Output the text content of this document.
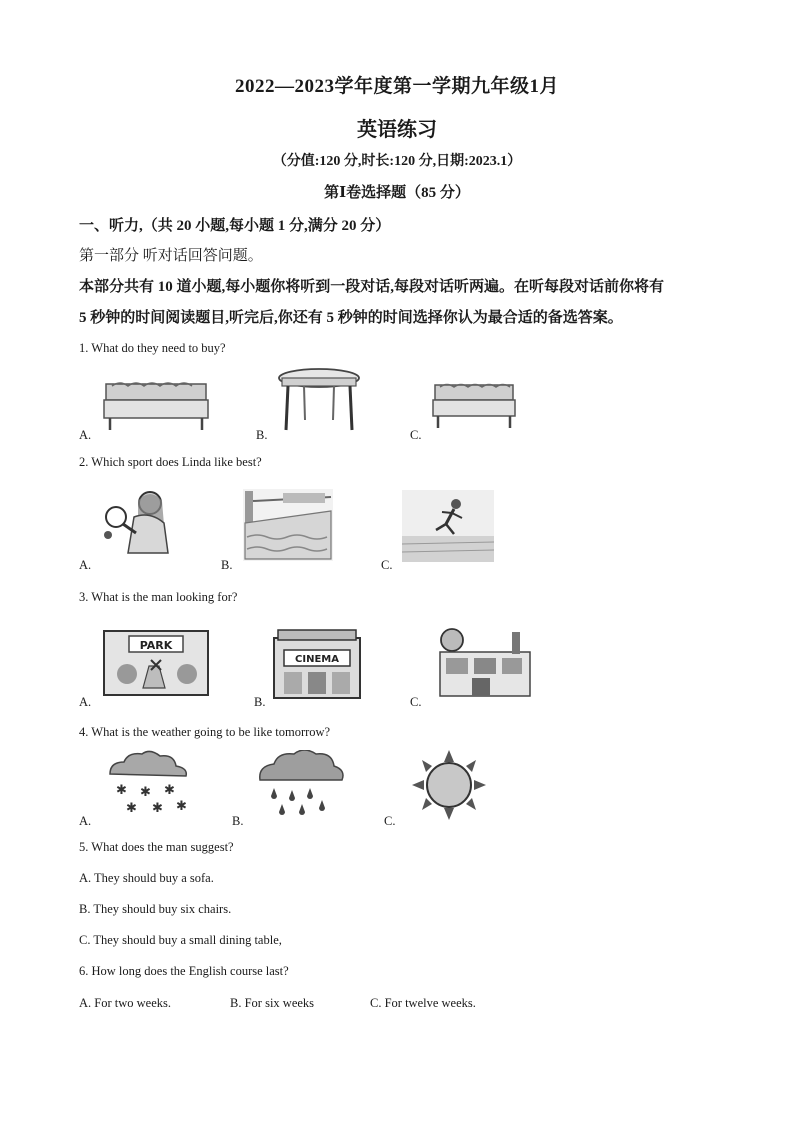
2022—2023学年度第一学期九年级1月
英语练习
（分值:120 分,时长:120 分,日期:2023.1）
第Ⅰ卷选择题（85 分）
一、听力,（共 20 小题,每小题 1 分,满分 20 分）
第一部分 听对话回答问题。
本部分共有 10 道小题,每小题你将听到一段对话,每段对话听两遍。在听每段对话前你将有
5 秒钟的时间阅读题目,听完后,你还有 5 秒钟的时间选择你认为最合适的备选答案。
1. What do they need to buy?
A.	B.	C.
2. Which sport does Linda like best?
A.	B.	C.
3. What is the man looking for?
PARK
CINEMA
A.	B.	C.
4. What is the weather going to be like tomorrow?
✱ ✱ ✱
✱ ✱ ✱
A.	B.	C.
5. What does the man suggest?
A. They should buy a sofa.
B. They should buy six chairs.
C. They should buy a small dining table,
6. How long does the English course last?
A. For two weeks.	B. For six weeks	C. For twelve weeks.
